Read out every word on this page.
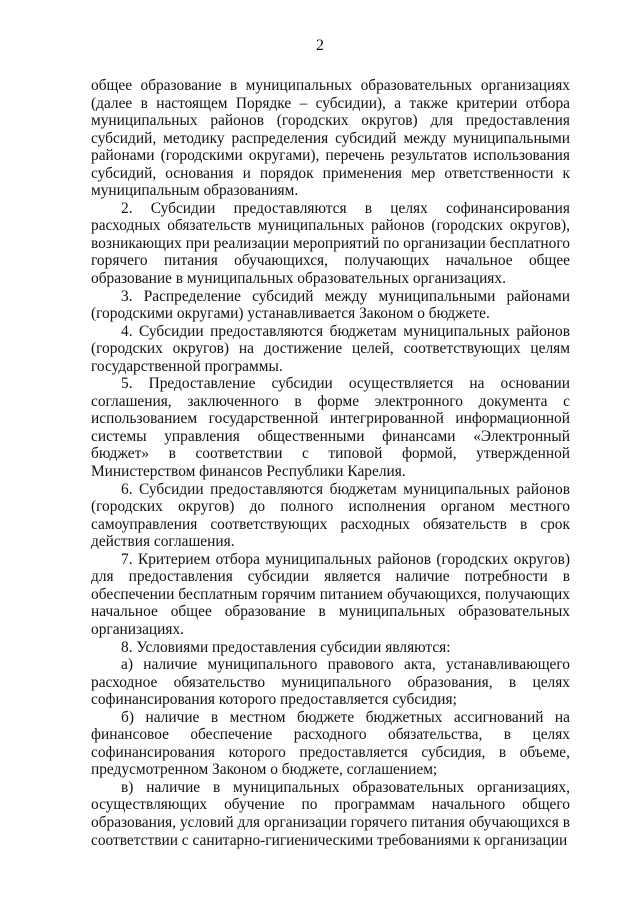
2

общее образование в муниципальных образовательных организациях (далее в настоящем Порядке – субсидии), а также критерии отбора муниципальных районов (городских округов) для предоставления субсидий, методику распределения субсидий между муниципальными районами (городскими округами), перечень результатов использования субсидий, основания и порядок применения мер ответственности к муниципальным образованиям.

2. Субсидии предоставляются в целях софинансирования расходных обязательств муниципальных районов (городских округов), возникающих при реализации мероприятий по организации бесплатного горячего питания обучающихся, получающих начальное общее образование в муниципальных образовательных организациях.

3. Распределение субсидий между муниципальными районами (городскими округами) устанавливается Законом о бюджете.

4. Субсидии предоставляются бюджетам муниципальных районов (городских округов) на достижение целей, соответствующих целям государственной программы.

5. Предоставление субсидии осуществляется на основании соглашения, заключенного в форме электронного документа с использованием государственной интегрированной информационной системы управления общественными финансами «Электронный бюджет» в соответствии с типовой формой, утвержденной Министерством финансов Республики Карелия.

6. Субсидии предоставляются бюджетам муниципальных районов (городских округов) до полного исполнения органом местного самоуправления соответствующих расходных обязательств в срок действия соглашения.

7. Критерием отбора муниципальных районов (городских округов) для предоставления субсидии является наличие потребности в обеспечении бесплатным горячим питанием обучающихся, получающих начальное общее образование в муниципальных образовательных организациях.

8. Условиями предоставления субсидии являются:

а) наличие муниципального правового акта, устанавливающего расходное обязательство муниципального образования, в целях софинансирования которого предоставляется субсидия;

б) наличие в местном бюджете бюджетных ассигнований на финансовое обеспечение расходного обязательства, в целях софинансирования которого предоставляется субсидия, в объеме, предусмотренном Законом о бюджете, соглашением;

в) наличие в муниципальных образовательных организациях, осуществляющих обучение по программам начального общего образования, условий для организации горячего питания обучающихся в соответствии с санитарно-гигиеническими требованиями к организации
